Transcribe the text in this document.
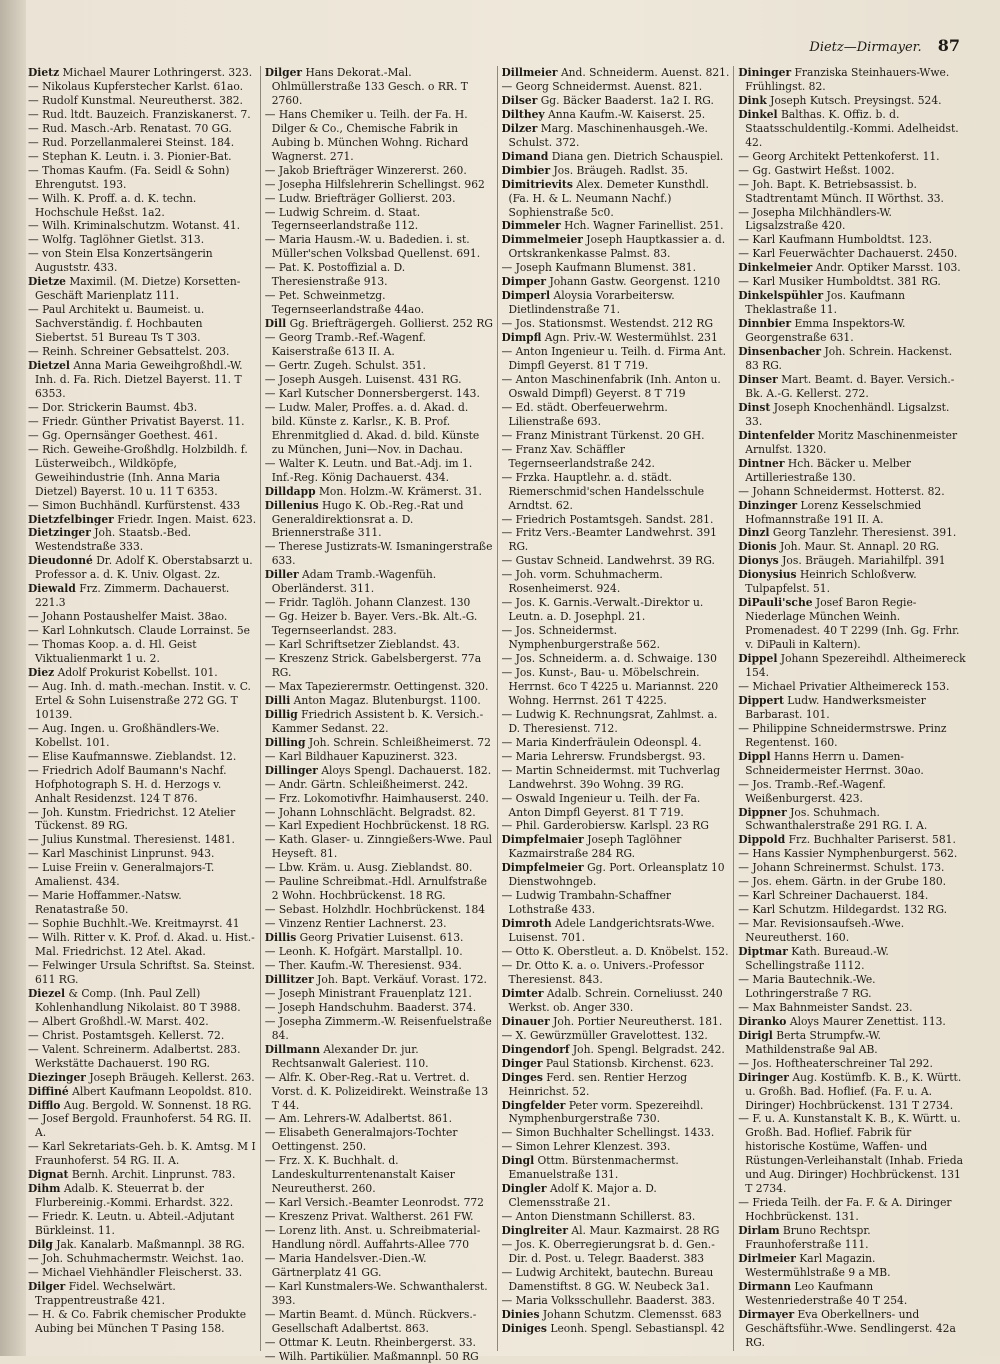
Dietz—Dirmayer. 87

Dietz Michael Maurer Lothringerst. 323.

— Nikolaus Kupferstecher Karlst. 61ao.

— Rudolf Kunstmal. Neureutherst. 382.

— Rud. ltdt. Bauzeich. Franziskanerst. 7.

— Rud. Masch.-Arb. Renatast. 70 GG.

— Rud. Porzellanmalerei Steinst. 184.

— Stephan K. Leutn. i. 3. Pionier-Bat.

— Thomas Kaufm. (Fa. Seidl & Sohn) Ehrengutst. 193.

— Wilh. K. Proff. a. d. K. techn. Hochschule Heßst. 1a2.

— Wilh. Kriminalschutzm. Wotanst. 41.

— Wolfg. Taglöhner Gietlst. 313.

— von Stein Elsa Konzertsängerin Auguststr. 433.

Dietze Maximil. (M. Dietze) Korsetten-Geschäft Marienplatz 111.

— Paul Architekt u. Baumeist. u. Sachverständig. f. Hochbauten Siebertst. 51 Bureau Ts T 303.

— Reinh. Schreiner Gebsattelst. 203.

Dietzel Anna Maria Geweihgroßhdl.-W. Inh. d. Fa. Rich. Dietzel Bayerst. 11. T 6353.

— Dor. Strickerin Baumst. 4b3.

— Friedr. Günther Privatist Bayerst. 11.

— Gg. Opernsänger Goethest. 461.

— Rich. Geweihe-Großhdlg. Holzbildh. f. Lüsterweibch., Wildköpfe, Geweihindustrie (Inh. Anna Maria Dietzel) Bayerst. 10 u. 11 T 6353.

— Simon Buchhändl. Kurfürstenst. 433

Dietzfelbinger Friedr. Ingen. Maist. 623.

Dietzinger Joh. Staatsb.-Bed. Westendstraße 333.

Dieudonné Dr. Adolf K. Oberstabsarzt u. Professor a. d. K. Univ. Olgast. 2z.

Diewald Frz. Zimmerm. Dachauerst. 221.3

— Johann Postaushelfer Maist. 38ao.

— Karl Lohnkutsch. Claude Lorrainst. 5e

— Thomas Koop. a. d. Hl. Geist Viktualienmarkt 1 u. 2.

Diez Adolf Prokurist Kobellst. 101.

— Aug. Inh. d. math.-mechan. Instit. v. C. Ertel & Sohn Luisenstraße 272 GG. T 10139.

— Aug. Ingen. u. Großhändlers-We. Kobellst. 101.

— Elise Kaufmannswe. Zieblandst. 12.

— Friedrich Adolf Baumann's Nachf. Hofphotograph S. H. d. Herzogs v. Anhalt Residenzst. 124 T 876.

— Joh. Kunstm. Friedrichst. 12 Atelier Tückenst. 89 RG.

— Julius Kunstmal. Theresienst. 1481.

— Karl Maschinist Linprunst. 943.

— Luise Freiin v. Generalmajors-T. Amalienst. 434.

— Marie Hoffammer.-Natsw. Renatastraße 50.

— Sophie Buchhlt.-We. Kreitmayrst. 41

— Wilh. Ritter v. K. Prof. d. Akad. u. Hist.-Mal. Friedrichst. 12 Atel. Akad.

— Felwinger Ursula Schriftst. Sa. Steinst. 611 RG.

Diezel & Comp. (Inh. Paul Zell) Kohlenhandlung Nikolaist. 80 T 3988.

— Albert Großhdl.-W. Marst. 402.

— Christ. Postamtsgeh. Kellerst. 72.

— Valent. Schreinerm. Adalbertst. 283. Werkstätte Dachauerst. 190 RG.

Diezinger Joseph Bräugeh. Kellerst. 263.

Diffiné Albert Kaufmann Leopoldst. 810.

Difflo Aug. Bergold. W. Sonnenst. 18 RG.

— Josef Bergold. Fraunhoferst. 54 RG. II. A.

— Karl Sekretariats-Geh. b. K. Amtsg. M I Fraunhoferst. 54 RG. II. A.

Dignat Bernh. Archit. Linprunst. 783.

Dihm Adalb. K. Steuerrat b. der Flurbereinig.-Kommi. Erhardst. 322.

— Friedr. K. Leutn. u. Abteil.-Adjutant Bürkleinst. 11.

Dilg Jak. Kanalarb. Maßmannpl. 38 RG.

— Joh. Schuhmachermstr. Weichst. 1ao.

— Michael Viehhändler Fleischerst. 33.

Dilger Fidel. Wechselwärt. Trappentreustraße 421.

— H. & Co. Fabrik chemischer Produkte Aubing bei München T Pasing 158.

Dilger Hans Dekorat.-Mal. Ohlmüllerstraße 133 Gesch. o RR. T 2760.

— Hans Chemiker u. Teilh. der Fa. H. Dilger & Co., Chemische Fabrik in Aubing b. München Wohng. Richard Wagnerst. 271.

— Jakob Briefträger Winzererst. 260.

— Josepha Hilfslehrerin Schellingst. 962

— Ludw. Briefträger Gollierst. 203.

— Ludwig Schreim. d. Staat. Tegernseerlandstraße 112.

— Maria Hausm.-W. u. Badedien. i. st. Müller'schen Volksbad Quellenst. 691.

— Pat. K. Postoffizial a. D. Theresienstraße 913.

— Pet. Schweinmetzg. Tegernseerlandstraße 44ao.

Dill Gg. Briefträgergeh. Gollierst. 252 RG

— Georg Tramb.-Ref.-Wagenf. Kaiserstraße 613 II. A.

— Gertr. Zugeh. Schulst. 351.

— Joseph Ausgeh. Luisenst. 431 RG.

— Karl Kutscher Donnersbergerst. 143.

— Ludw. Maler, Proffes. a. d. Akad. d. bild. Künste z. Karlsr., K. B. Prof. Ehrenmitglied d. Akad. d. bild. Künste zu München, Juni—Nov. in Dachau.

— Walter K. Leutn. und Bat.-Adj. im 1. Inf.-Reg. König Dachauerst. 434.

Dilldapp Mon. Holzm.-W. Krämerst. 31.

Dillenius Hugo K. Ob.-Reg.-Rat und Generaldirektionsrat a. D. Briennerstraße 311.

— Therese Justizrats-W. Ismaningerstraße 633.

Diller Adam Tramb.-Wagenfüh. Oberländerst. 311.

— Fridr. Taglöh. Johann Clanzest. 130

— Gg. Heizer b. Bayer. Vers.-Bk. Alt.-G. Tegernseerlandst. 283.

— Karl Schriftsetzer Zieblandst. 43.

— Kreszenz Strick. Gabelsbergerst. 77a RG.

— Max Tapezierermstr. Oettingenst. 320.

Dilli Anton Magaz. Blutenburgst. 1100.

Dillig Friedrich Assistent b. K. Versich.-Kammer Sedanst. 22.

Dilling Joh. Schrein. Schleißheimerst. 72

— Karl Bildhauer Kapuzinerst. 323.

Dillinger Aloys Spengl. Dachauerst. 182.

— Andr. Gärtn. Schleißheimerst. 242.

— Frz. Lokomotivfhr. Haimhauserst. 240.

— Johann Lohnschlächt. Belgradst. 82.

— Karl Expedient Hochbrückenst. 18 RG.

— Kath. Glaser- u. Zinngießers-Wwe. Paul Heyseft. 81.

— Lbw. Kräm. u. Ausg. Zieblandst. 80.

— Pauline Schreibmat.-Hdl. Arnulfstraße 2 Wohn. Hochbrückenst. 18 RG.

— Sebast. Holzhdlr. Hochbrückenst. 184

— Vinzenz Rentier Lachnerst. 23.

Dillis Georg Privatier Luisenst. 613.

— Leonh. K. Hofgärt. Marstallpl. 10.

— Ther. Kaufm.-W. Theresienst. 934.

Dillitzer Joh. Bapt. Verkäuf. Vorast. 172.

— Joseph Ministrant Frauenplatz 121.

— Joseph Handschuhm. Baaderst. 374.

— Josepha Zimmerm.-W. Reisenfuelstraße 84.

Dillmann Alexander Dr. jur. Rechtsanwalt Galeriest. 110.

— Alfr. K. Ober-Reg.-Rat u. Vertret. d. Vorst. d. K. Polizeidirekt. Weinstraße 13 T 44.

— Am. Lehrers-W. Adalbertst. 861.

— Elisabeth Generalmajors-Tochter Oettingenst. 250.

— Frz. X. K. Buchhalt. d. Landeskulturrentenanstalt Kaiser Neureutherst. 260.

— Karl Versich.-Beamter Leonrodst. 772

— Kreszenz Privat. Waltherst. 261 FW.

— Lorenz lith. Anst. u. Schreibmaterial-Handlung nördl. Auffahrts-Allee 770

— Maria Handelsver.-Dien.-W. Gärtnerplatz 41 GG.

— Karl Kunstmalers-We. Schwanthalerst. 393.

— Martin Beamt. d. Münch. Rückvers.-Gesellschaft Adalbertst. 863.

— Ottmar K. Leutn. Rheinbergerst. 33.

— Wilh. Partikülier. Maßmannpl. 50 RG

Dillmeier And. Schneiderm. Auenst. 821.

— Georg Schneidermst. Auenst. 821.

Dilser Gg. Bäcker Baaderst. 1a2 I. RG.

Dilthey Anna Kaufm.-W. Kaiserst. 25.

Dilzer Marg. Maschinenhausgeh.-We. Schulst. 372.

Dimand Diana gen. Dietrich Schauspiel.

Dimbier Jos. Bräugeh. Radlst. 35.

Dimitrievits Alex. Demeter Kunsthdl. (Fa. H. & L. Neumann Nachf.) Sophienstraße 5c0.

Dimmeler Hch. Wagner Farinellist. 251.

Dimmelmeier Joseph Hauptkassier a. d. Ortskrankenkasse Palmst. 83.

— Joseph Kaufmann Blumenst. 381.

Dimper Johann Gastw. Georgenst. 1210

Dimperl Aloysia Vorarbeitersw. Dietlindenstraße 71.

— Jos. Stationsmst. Westendst. 212 RG

Dimpfl Agn. Priv.-W. Westermühlst. 231

— Anton Ingenieur u. Teilh. d. Firma Ant. Dimpfl Geyerst. 81 T 719.

— Anton Maschinenfabrik (Inh. Anton u. Oswald Dimpfl) Geyerst. 8 T 719

— Ed. städt. Oberfeuerwehrm. Lilienstraße 693.

— Franz Ministrant Türkenst. 20 GH.

— Franz Xav. Schäffler Tegernseerlandstraße 242.

— Frzka. Hauptlehr. a. d. städt. Riemerschmid'schen Handelsschule Arndtst. 62.

— Friedrich Postamtsgeh. Sandst. 281.

— Fritz Vers.-Beamter Landwehrst. 391 RG.

— Gustav Schneid. Landwehrst. 39 RG.

— Joh. vorm. Schuhmacherm. Rosenheimerst. 924.

— Jos. K. Garnis.-Verwalt.-Direktor u. Leutn. a. D. Josephpl. 21.

— Jos. Schneidermst. Nymphenburgerstraße 562.

— Jos. Schneiderm. a. d. Schwaige. 130

— Jos. Kunst-, Bau- u. Möbelschrein. Herrnst. 6co T 4225 u. Mariannst. 220 Wohng. Herrnst. 261 T 4225.

— Ludwig K. Rechnungsrat, Zahlmst. a. D. Theresienst. 712.

— Maria Kinderfräulein Odeonspl. 4.

— Maria Lehrersw. Frundsbergst. 93.

— Martin Schneidermst. mit Tuchverlag Landwehrst. 39o Wohng. 39 RG.

— Oswald Ingenieur u. Teilh. der Fa. Anton Dimpfl Geyerst. 81 T 719.

— Phil. Garderobiersw. Karlspl. 23 RG

Dimpfelmaier Joseph Taglöhner Kazmairstraße 284 RG.

Dimpfelmeier Gg. Port. Orleansplatz 10 Dienstwohngeb.

— Ludwig Trambahn-Schaffner Lothstraße 433.

Dimroth Adele Landgerichtsrats-Wwe. Luisenst. 701.

— Otto K. Oberstleut. a. D. Knöbelst. 152.

— Dr. Otto K. a. o. Univers.-Professor Theresienst. 843.

Dimter Adalb. Schrein. Corneliusst. 240 Werkst. ob. Anger 330.

Dinauer Joh. Portier Neureutherst. 181.

— X. Gewürzmüller Gravelottest. 132.

Dingendorf Joh. Spengl. Belgradst. 242.

Dinger Paul Stationsb. Kirchenst. 623.

Dinges Ferd. sen. Rentier Herzog Heinrichst. 52.

Dingfelder Peter vorm. Spezereihdl. Nymphenburgerstraße 730.

— Simon Buchhalter Schellingst. 1433.

— Simon Lehrer Klenzest. 393.

Dingl Ottm. Bürstenmachermst. Emanuelstraße 131.

Dingler Adolf K. Major a. D. Clemensstraße 21.

— Anton Dienstmann Schillerst. 83.

Dinglreiter Al. Maur. Kazmairst. 28 RG

— Jos. K. Oberregierungsrat b. d. Gen.-Dir. d. Post. u. Telegr. Baaderst. 383

— Ludwig Architekt, bautechn. Bureau Damenstiftst. 8 GG. W. Neubeck 3a1.

— Maria Volksschullehr. Baaderst. 383.

Dinies Johann Schutzm. Clemensst. 683

Diniges Leonh. Spengl. Sebastianspl. 42

Dininger Franziska Steinhauers-Wwe. Frühlingst. 82.

Dink Joseph Kutsch. Preysingst. 524.

Dinkel Balthas. K. Offiz. b. d. Staatsschuldentilg.-Kommi. Adelheidst. 42.

— Georg Architekt Pettenkoferst. 11.

— Gg. Gastwirt Heßst. 1002.

— Joh. Bapt. K. Betriebsassist. b. Stadtrentamt Münch. II Wörthst. 33.

— Josepha Milchhändlers-W. Ligsalzstraße 420.

— Karl Kaufmann Humboldtst. 123.

— Karl Feuerwächter Dachauerst. 2450.

Dinkelmeier Andr. Optiker Marsst. 103.

— Karl Musiker Humboldtst. 381 RG.

Dinkelspühler Jos. Kaufmann Theklastraße 11.

Dinnbier Emma Inspektors-W. Georgenstraße 631.

Dinsenbacher Joh. Schrein. Hackenst. 83 RG.

Dinser Mart. Beamt. d. Bayer. Versich.-Bk. A.-G. Kellerst. 272.

Dinst Joseph Knochenhändl. Ligsalzst. 33.

Dintenfelder Moritz Maschinenmeister Arnulfst. 1320.

Dintner Hch. Bäcker u. Melber Artilleriestraße 130.

— Johann Schneidermst. Hotterst. 82.

Dinzinger Lorenz Kesselschmied Hofmannstraße 191 II. A.

Dinzl Georg Tanzlehr. Theresienst. 391.

Dionis Joh. Maur. St. Annapl. 20 RG.

Dionys Jos. Bräugeh. Mariahilfpl. 391

Dionysius Heinrich Schloßverw. Tulpapfelst. 51.

DiPauli'sche Josef Baron Regie-Niederlage München Weinh. Promenadest. 40 T 2299 (Inh. Gg. Frhr. v. DiPauli in Kaltern).

Dippel Johann Spezereihdl. Altheimereck 154.

— Michael Privatier Altheimereck 153.

Dippert Ludw. Handwerksmeister Barbarast. 101.

— Philippine Schneidermstrswe. Prinz Regentenst. 160.

Dippl Hanns Herrn u. Damen-Schneidermeister Herrnst. 30ao.

— Jos. Tramb.-Ref.-Wagenf. Weißenburgerst. 423.

Dippner Jos. Schuhmach. Schwanthalerstraße 291 RG. I. A.

Dippold Frz. Buchhalter Pariserst. 581.

— Hans Kassier Nymphenburgerst. 562.

— Johann Schreinermst. Schulst. 173.

— Jos. ehem. Gärtn. in der Grube 180.

— Karl Schreiner Dachauerst. 184.

— Karl Schutzm. Hildegardst. 132 RG.

— Mar. Revisionsaufseh.-Wwe. Neureutherst. 160.

Diptmar Kath. Bureaud.-W. Schellingstraße 1112.

— Maria Bautechnik.-We. Lothringerstraße 7 RG.

— Max Bahnmeister Sandst. 23.

Diranko Aloys Maurer Zenettist. 113.

Dirigl Berta Strumpfw.-W. Mathildenstraße 9al AB.

— Jos. Hoftheaterschreiner Tal 292.

Diringer Aug. Kostümfb. K. B., K. Württ. u. Großh. Bad. Hoflief. (Fa. F. u. A. Diringer) Hochbrückenst. 131 T 2734.

— F. u. A. Kunstanstalt K. B., K. Württ. u. Großh. Bad. Hoflief. Fabrik für historische Kostüme, Waffen- und Rüstungen-Verleihanstalt (Inhab. Frieda und Aug. Diringer) Hochbrückenst. 131 T 2734.

— Frieda Teilh. der Fa. F. & A. Diringer Hochbrückenst. 131.

Dirlam Bruno Rechtspr. Fraunhoferstraße 111.

Dirlmeier Karl Magazin. Westermühlstraße 9 a MB.

Dirmann Leo Kaufmann Westenriederstraße 40 T 254.

Dirmayer Eva Oberkellners- und Geschäftsführ.-Wwe. Sendlingerst. 42a RG.
